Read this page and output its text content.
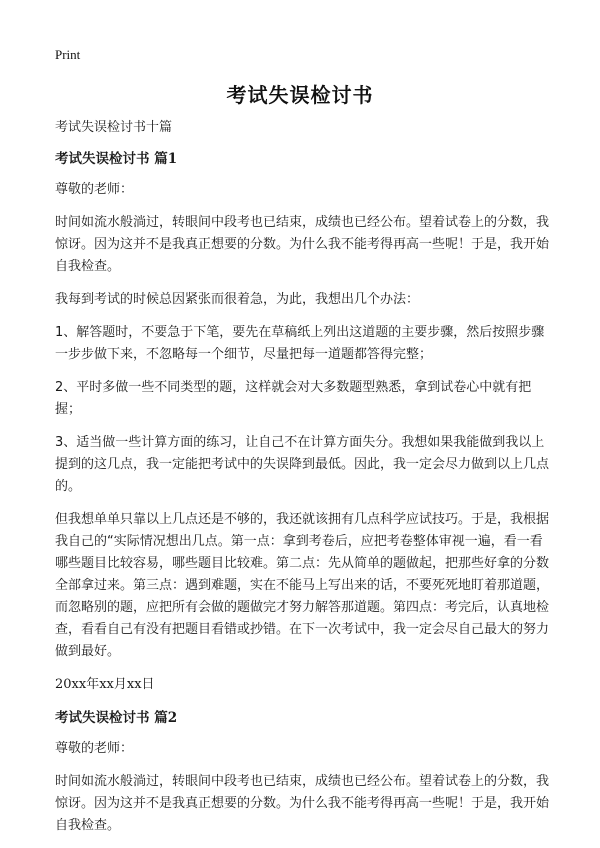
Print
考试失误检讨书

考试失误检讨书十篇

考试失误检讨书 篇1

尊敬的老师：

时间如流水般淌过，转眼间中段考也已结束，成绩也已经公布。望着试卷上的分数，我惊讶。因为这并不是我真正想要的分数。为什么我不能考得再高一些呢！于是，我开始自我检查。

我每到考试的时候总因紧张而很着急，为此，我想出几个办法：

1、解答题时，不要急于下笔，要先在草稿纸上列出这道题的主要步骤，然后按照步骤一步步做下来，不忽略每一个细节，尽量把每一道题都答得完整；

2、平时多做一些不同类型的题，这样就会对大多数题型熟悉，拿到试卷心中就有把握；

3、适当做一些计算方面的练习，让自己不在计算方面失分。我想如果我能做到我以上提到的这几点，我一定能把考试中的失误降到最低。因此，我一定会尽力做到以上几点的。

但我想单单只靠以上几点还是不够的，我还就该拥有几点科学应试技巧。于是，我根据我自己的“实际情况想出几点。第一点：拿到考卷后，应把考卷整体审视一遍，看一看哪些题目比较容易，哪些题目比较难。第二点：先从简单的题做起，把那些好拿的分数全部拿过来。第三点：遇到难题，实在不能马上写出来的话，不要死死地盯着那道题，而忽略别的题，应把所有会做的题做完才努力解答那道题。第四点：考完后，认真地检查，看看自己有没有把题目看错或抄错。在下一次考试中，我一定会尽自己最大的努力做到最好。

20xx年xx月xx日

考试失误检讨书 篇2

尊敬的老师：

时间如流水般淌过，转眼间中段考也已结束，成绩也已经公布。望着试卷上的分数，我惊讶。因为这并不是我真正想要的分数。为什么我不能考得再高一些呢！于是，我开始自我检查。
